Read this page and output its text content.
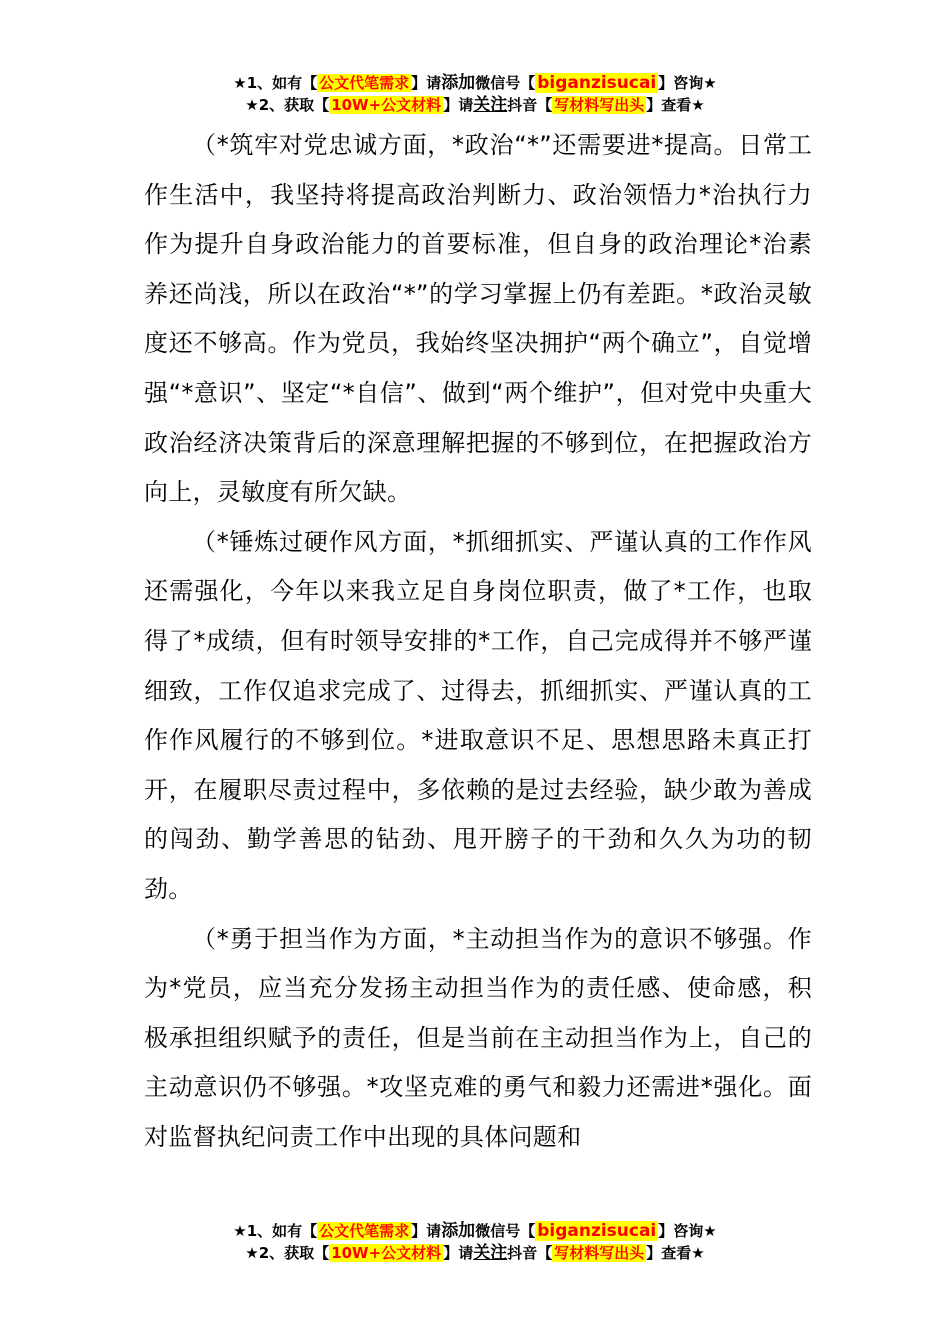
★1、如有【 公文代笔需求 】请添加微信号【 biganzisucai 】咨询★
★2、获取【 10W+公文材料 】请关注抖音【 写材料写出头 】查看★

（*筑牢对党忠诚方面，*政治“*”还需要进*提高。日常工作生活中，我坚持将提高政治判断力、政治领悟力*治执行力作为提升自身政治能力的首要标准，但自身的政治理论*治素养还尚浅，所以在政治“*”的学习掌握上仍有差距。*政治灵敏度还不够高。作为党员，我始终坚决拥护“两个确立”，自觉增强“*意识”、坚定“*自信”、做到“两个维护”，但对党中央重大政治经济决策背后的深意理解把握的不够到位，在把握政治方向上，灵敏度有所欠缺。

（*锤炼过硬作风方面，*抓细抓实、严谨认真的工作作风还需强化，今年以来我立足自身岗位职责，做了*工作，也取得了*成绩，但有时领导安排的*工作，自己完成得并不够严谨细致，工作仅追求完成了、过得去，抓细抓实、严谨认真的工作作风履行的不够到位。*进取意识不足、思想思路未真正打开，在履职尽责过程中，多依赖的是过去经验，缺少敢为善成的闯劲、勤学善思的钻劲、甩开膀子的干劲和久久为功的韧劲。

（*勇于担当作为方面，*主动担当作为的意识不够强。作为*党员，应当充分发扬主动担当作为的责任感、使命感，积极承担组织赋予的责任，但是当前在主动担当作为上，自己的主动意识仍不够强。*攻坚克难的勇气和毅力还需进*强化。面对监督执纪问责工作中出现的具体问题和

★1、如有【 公文代笔需求 】请添加微信号【 biganzisucai 】咨询★
★2、获取【 10W+公文材料 】请关注抖音【 写材料写出头 】查看★
